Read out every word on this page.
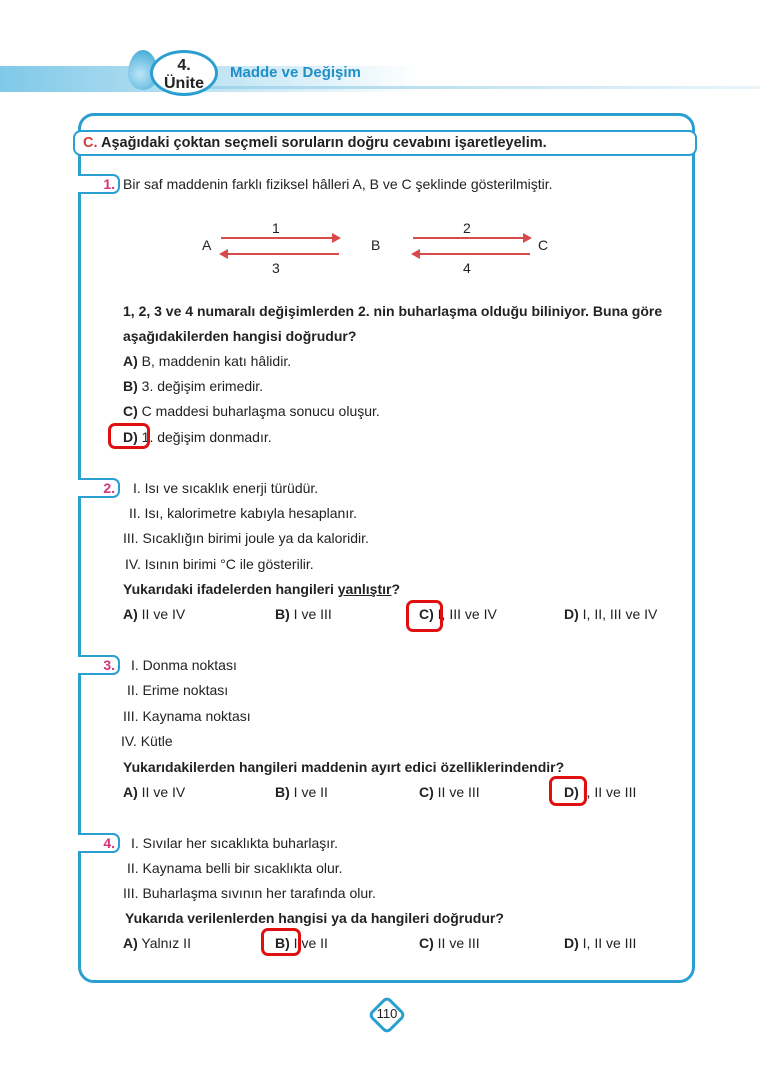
4.
Ünite
Madde ve Değişim
C. Aşağıdaki çoktan seçmeli soruların doğru cevabını işaretleyelim.
1. Bir saf maddenin farklı fiziksel hâlleri A, B ve C şeklinde gösterilmiştir.
A	B	C
1
3
2
4
1, 2, 3 ve 4 numaralı değişimlerden 2. nin buharlaşma olduğu biliniyor. Buna göre
aşağıdakilerden hangisi doğrudur?
A) B, maddenin katı hâlidir.
B) 3. değişim erimedir.
C) C maddesi buharlaşma sonucu oluşur.
D) 1. değişim donmadır.
2.	I. Isı ve sıcaklık enerji türüdür.
II. Isı, kalorimetre kabıyla hesaplanır.
III. Sıcaklığın birimi joule ya da kaloridir.
IV. Isının birimi °C ile gösterilir.
Yukarıdaki ifadelerden hangileri yanlıştır?
A) II ve IV	B) I ve III	C) I, III ve IV	D) I, II, III ve IV
3.	I. Donma noktası
II. Erime noktası
III. Kaynama noktası
IV. Kütle
Yukarıdakilerden hangileri maddenin ayırt edici özelliklerindendir?
A) II ve IV	B) I ve II	C) II ve III	D) I, II ve III
4.	I. Sıvılar her sıcaklıkta buharlaşır.
II. Kaynama belli bir sıcaklıkta olur.
III. Buharlaşma sıvının her tarafında olur.
Yukarıda verilenlerden hangisi ya da hangileri doğrudur?
A) Yalnız II	B) I ve II	C) II ve III	D) I, II ve III
110
